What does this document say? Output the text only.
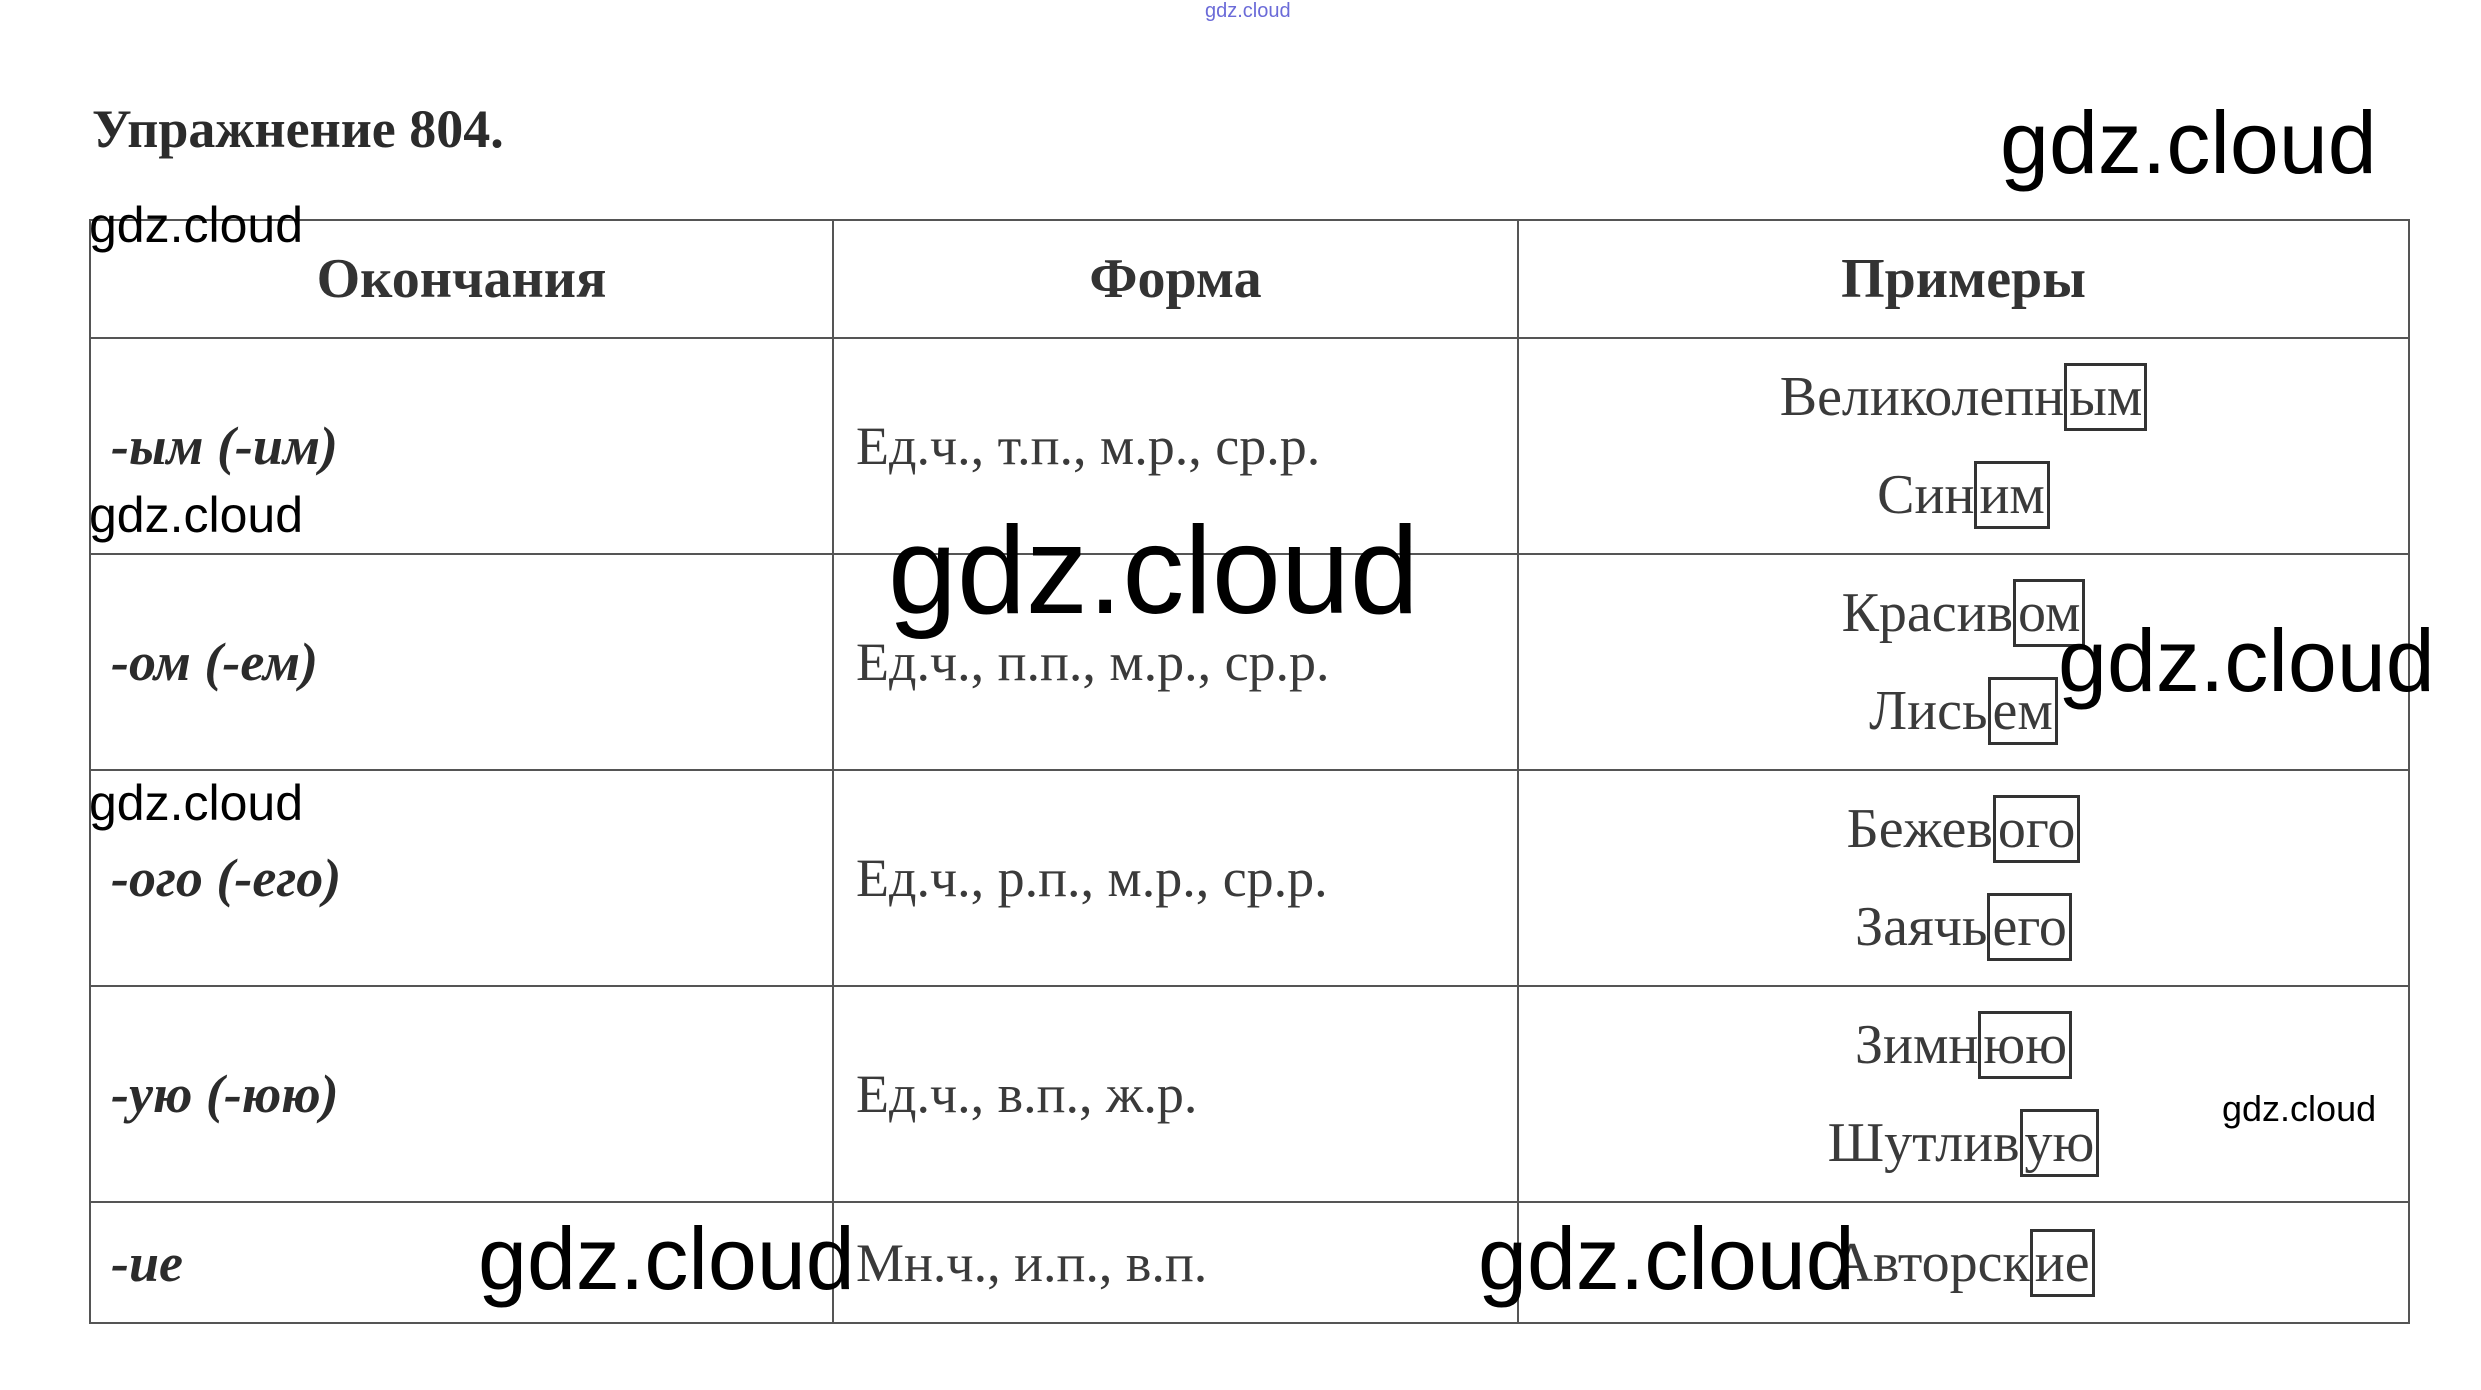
gdz.cloud
Упражнение 804.
Окончания	Форма	Примеры
-ым (-им)	Ед.ч., т.п., м.р., ср.р.	Великолепным
Синим

-ом (-ем)	Ед.ч., п.п., м.р., ср.р.	Красивом
Лисьем

-ого (-его)	Ед.ч., р.п., м.р., ср.р.	Бежевого
Заячьего

-ую (-юю)	Ед.ч., в.п., ж.р.	Зимнюю
Шутливую

-ие	Мн.ч., и.п., в.п.	Авторские
gdz.cloud
gdz.cloud
gdz.cloud	gdz.cloud
gdz.cloud
gdz.cloud
gdz.cloud
gdz.cloud	gdz.cloud
